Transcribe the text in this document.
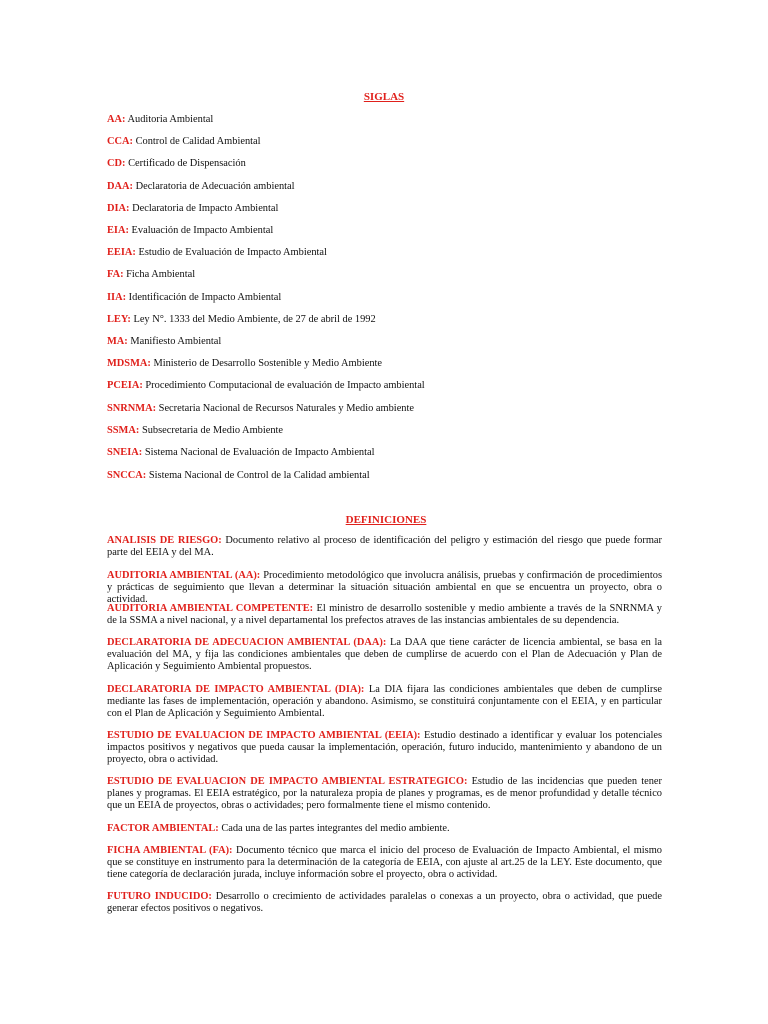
SIGLAS
AA: Auditoria Ambiental
CCA: Control de Calidad Ambiental
CD: Certificado de Dispensación
DAA: Declaratoria de Adecuación ambiental
DIA: Declaratoria de Impacto Ambiental
EIA: Evaluación de Impacto Ambiental
EEIA: Estudio de Evaluación de Impacto Ambiental
FA: Ficha Ambiental
IIA: Identificación de Impacto Ambiental
LEY: Ley N°. 1333 del Medio Ambiente, de 27 de abril de 1992
MA: Manifiesto Ambiental
MDSMA: Ministerio de Desarrollo Sostenible y Medio Ambiente
PCEIA: Procedimiento Computacional de evaluación de Impacto ambiental
SNRNMA: Secretaria Nacional de Recursos Naturales y Medio ambiente
SSMA: Subsecretaria de Medio Ambiente
SNEIA: Sistema Nacional de Evaluación de Impacto Ambiental
SNCCA: Sistema Nacional de Control de la Calidad ambiental
DEFINICIONES
ANALISIS DE RIESGO: Documento relativo al proceso de identificación del peligro y estimación del riesgo que puede formar parte del EEIA y del MA.
AUDITORIA AMBIENTAL (AA): Procedimiento metodológico que involucra análisis, pruebas y confirmación de procedimientos y prácticas de seguimiento que llevan a determinar la situación situación ambiental en que se encuentra un proyecto, obra o actividad.
AUDITORIA AMBIENTAL COMPETENTE: El ministro de desarrollo sostenible y medio ambiente a través de la SNRNMA y de la SSMA a nivel nacional, y a nivel departamental los prefectos atraves de las instancias ambientales de su dependencia.
DECLARATORIA DE ADECUACION AMBIENTAL (DAA): La DAA que tiene carácter de licencia ambiental, se basa en la evaluación del MA, y fija las condiciones ambientales que deben de cumplirse de acuerdo con el Plan de Adecuación y Plan de Aplicación y Seguimiento Ambiental propuestos.
DECLARATORIA DE IMPACTO AMBIENTAL (DIA): La DIA fijara las condiciones ambientales que deben de cumplirse mediante las fases de implementación, operación y abandono. Asimismo, se constituirá conjuntamente con el EEIA, y en particular con el Plan de Aplicación y Seguimiento Ambiental.
ESTUDIO DE EVALUACION DE IMPACTO AMBIENTAL (EEIA): Estudio destinado a identificar y evaluar los potenciales impactos positivos y negativos que pueda causar la implementación, operación, futuro inducido, mantenimiento y abandono de un proyecto, obra o actividad.
ESTUDIO DE EVALUACION DE IMPACTO AMBIENTAL ESTRATEGICO: Estudio de las incidencias que pueden tener planes y programas. El EEIA estratégico, por la naturaleza propia de planes y programas, es de menor profundidad y detalle técnico que un EEIA de proyectos, obras o actividades; pero formalmente tiene el mismo contenido.
FACTOR AMBIENTAL: Cada una de las partes integrantes del medio ambiente.
FICHA AMBIENTAL (FA): Documento técnico que marca el inicio del proceso de Evaluación de Impacto Ambiental, el mismo que se constituye en instrumento para la determinación de la categoría de EEIA, con ajuste al art.25 de la LEY. Este documento, que tiene categoría de declaración jurada, incluye información sobre el proyecto, obra o actividad.
FUTURO INDUCIDO: Desarrollo o crecimiento de actividades paralelas o conexas a un proyecto, obra o actividad, que puede generar efectos positivos o negativos.
